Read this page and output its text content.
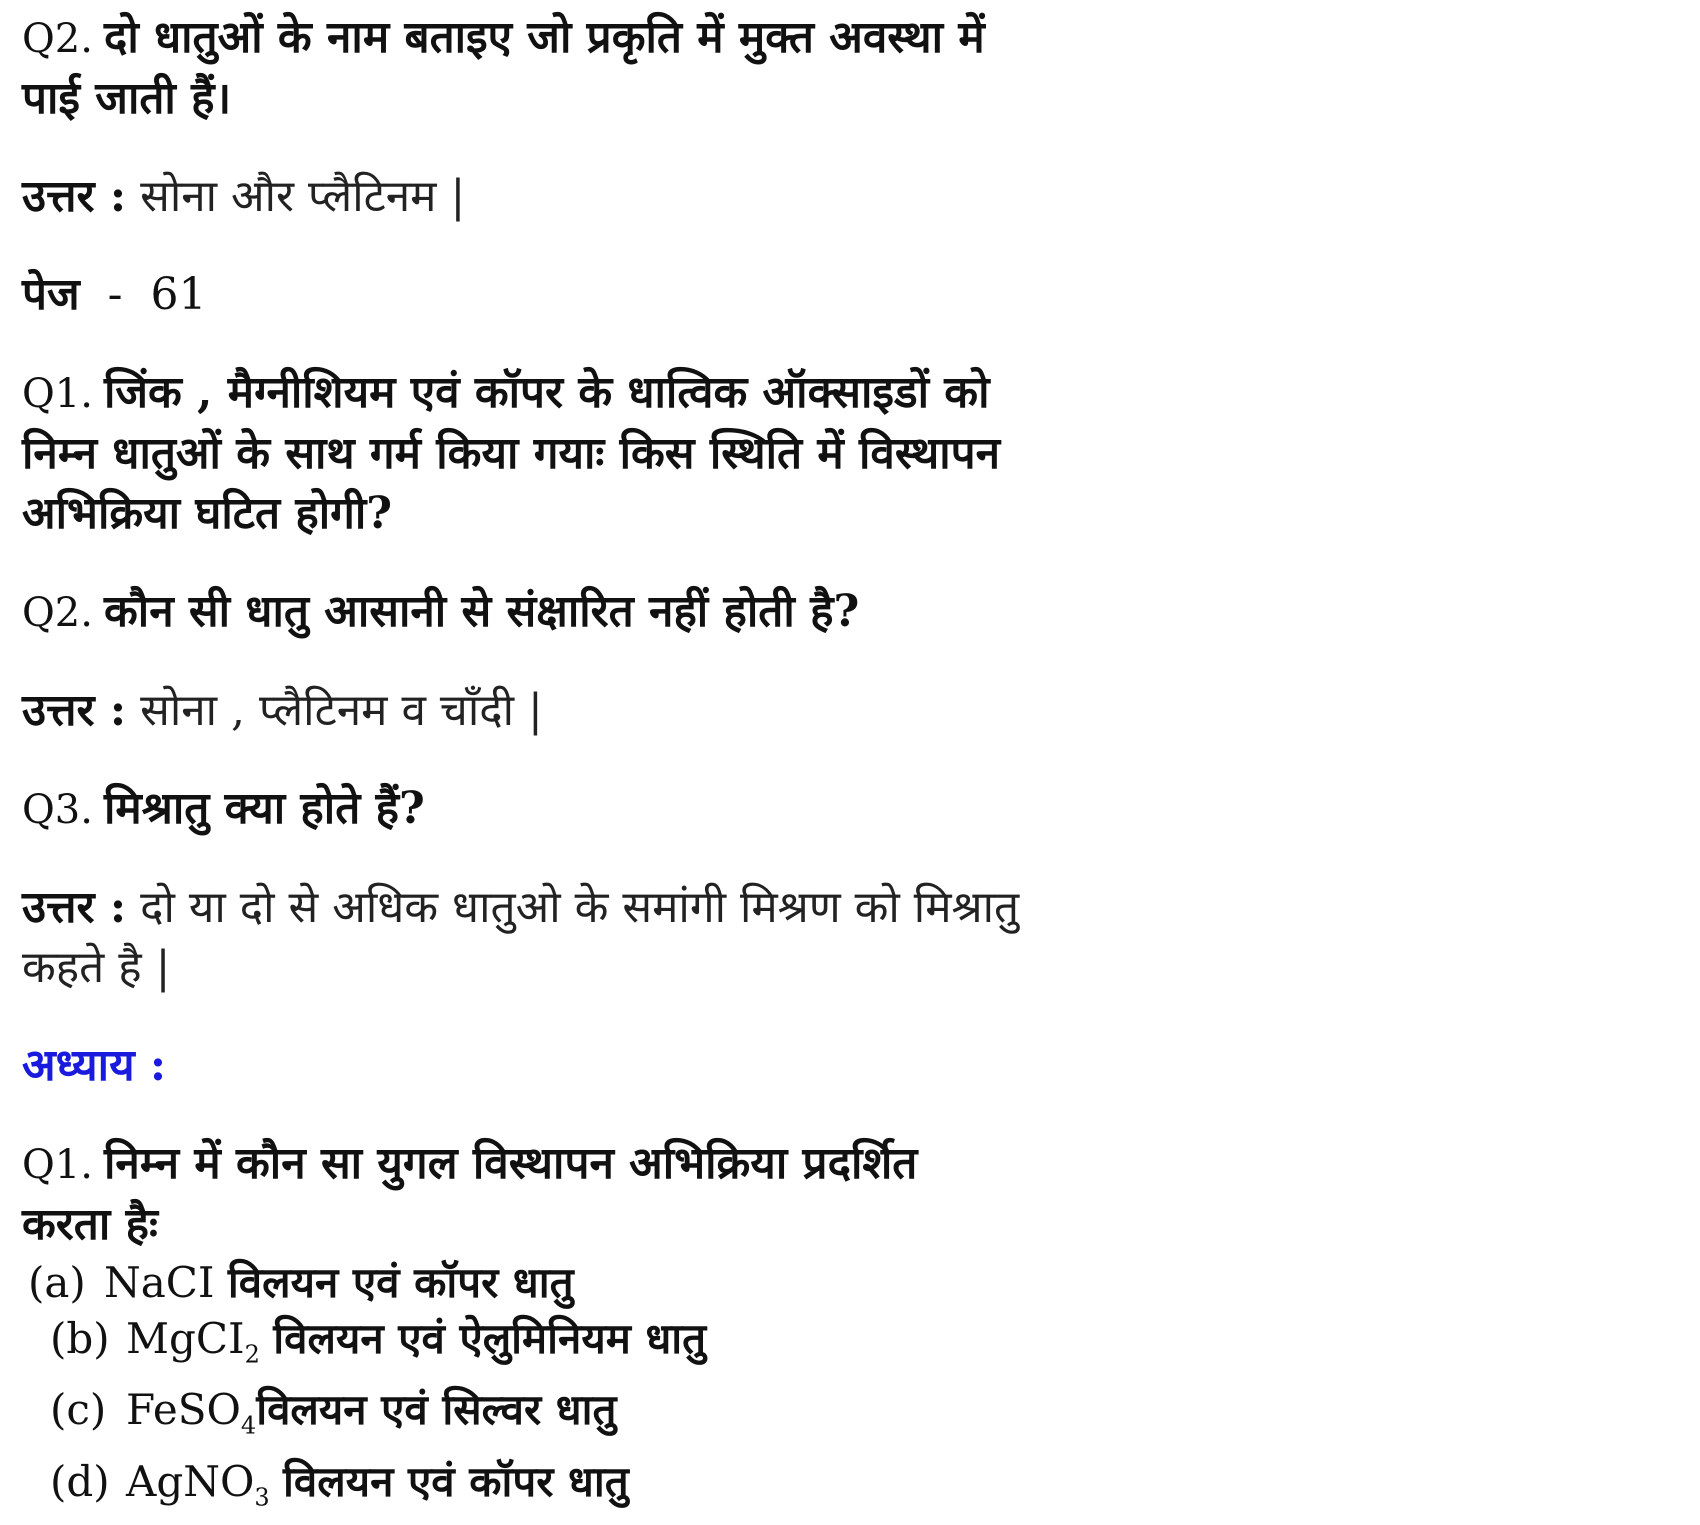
Q2. दो धातुओं के नाम बताइए जो प्रकृति में मुक्त अवस्था में
पाई जाती हैं।
उत्तर : सोना और प्लैटिनम |
पेज - 61
Q1. जिंक , मैग्नीशियम एवं कॉपर के धात्विक ऑक्साइडों को
निम्न धातुओं के साथ गर्म किया गयाः किस स्थिति में विस्थापन
अभिक्रिया घटित होगी?
Q2. कौन सी धातु आसानी से संक्षारित नहीं होती है?
उत्तर : सोना , प्लैटिनम व चाँदी |
Q3. मिश्रातु क्या होते हैं?
उत्तर : दो या दो से अधिक धातुओ के समांगी मिश्रण को मिश्रातु
कहते है |
अध्याय :
Q1. निम्न में कौन सा युगल विस्थापन अभिक्रिया प्रदर्शित
करता हैः
(a) NaCI विलयन एवं कॉपर धातु
(b) MgCI$_2$ विलयन एवं ऐलुमिनियम धातु
(c) FeSO$_4$विलयन एवं सिल्वर धातु
(d) AgNO$_3$ विलयन एवं कॉपर धातु
